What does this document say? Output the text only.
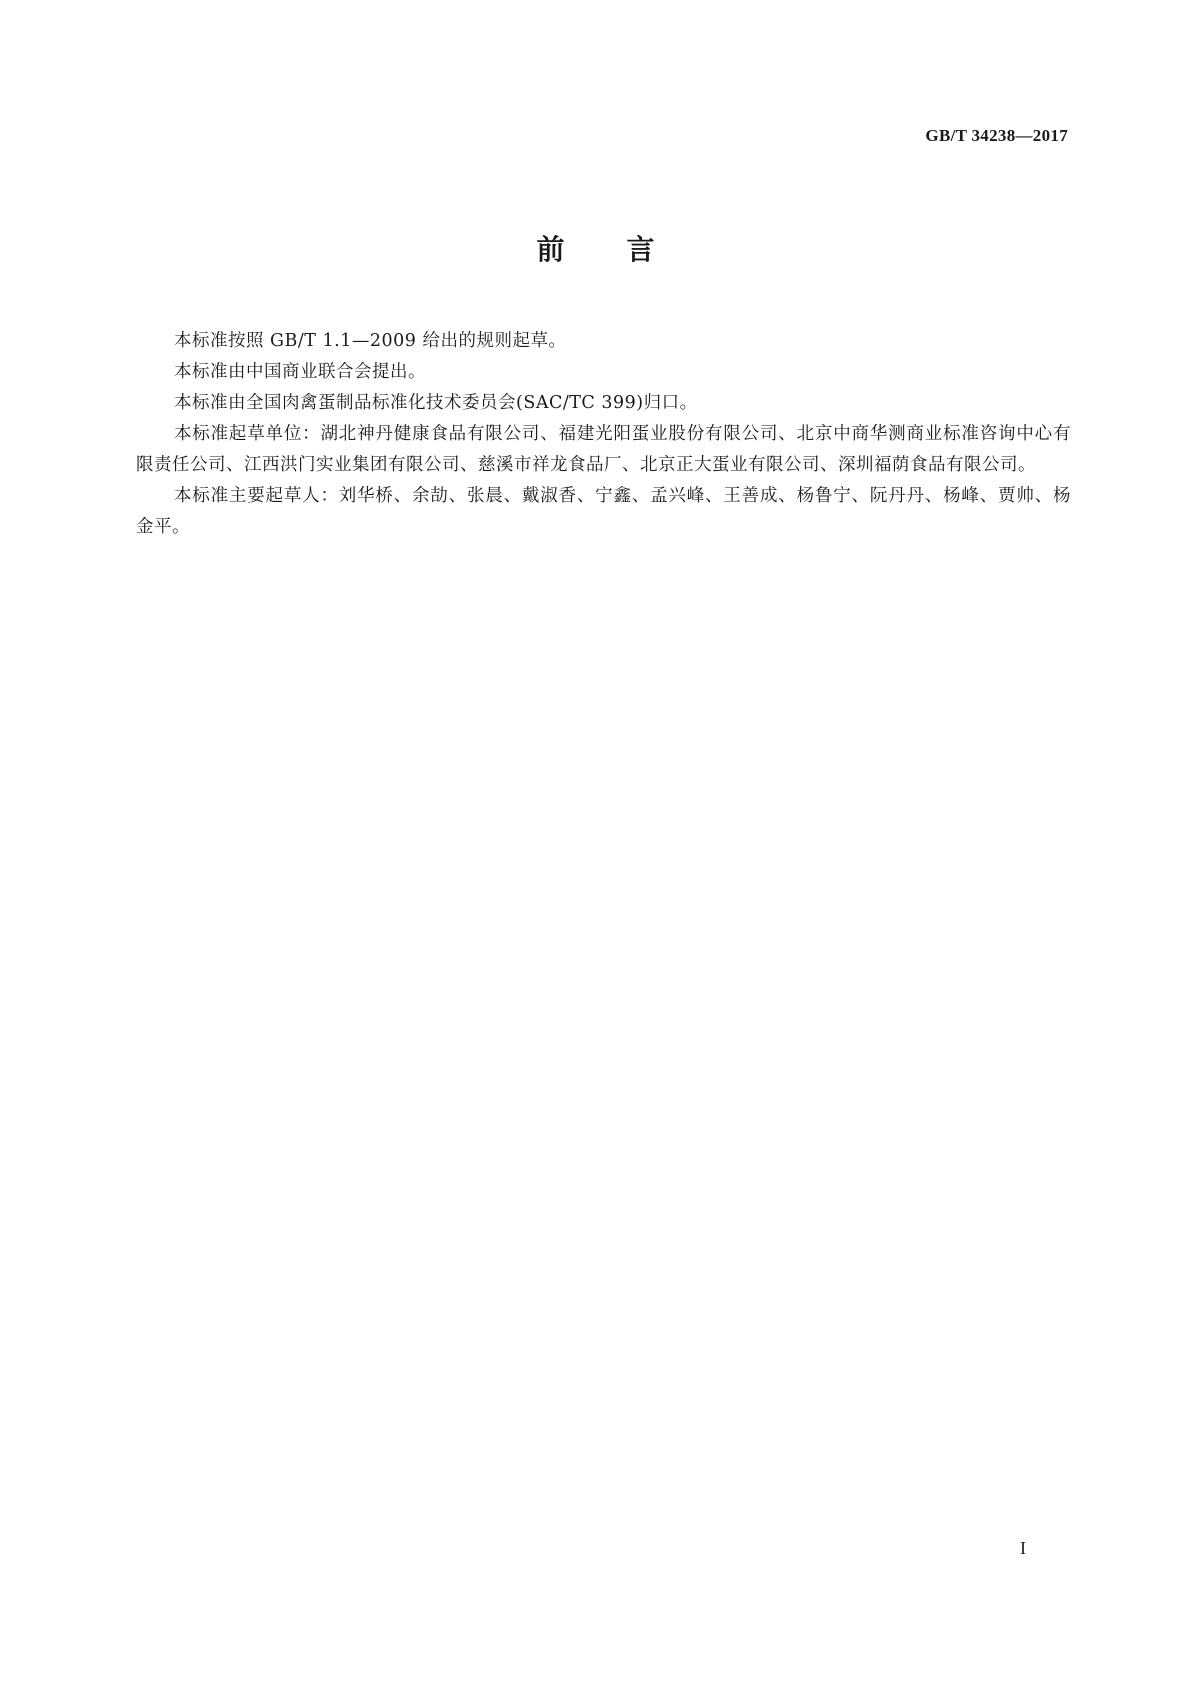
GB/T 34238—2017
前言

本标准按照 GB/T 1.1—2009 给出的规则起草。

本标准由中国商业联合会提出。

本标准由全国肉禽蛋制品标准化技术委员会(SAC/TC 399)归口。

本标准起草单位：湖北神丹健康食品有限公司、福建光阳蛋业股份有限公司、北京中商华测商业标准咨询中心有限责任公司、江西洪门实业集团有限公司、慈溪市祥龙食品厂、北京正大蛋业有限公司、深圳福荫食品有限公司。

本标准主要起草人：刘华桥、余劼、张晨、戴淑香、宁鑫、孟兴峰、王善成、杨鲁宁、阮丹丹、杨峰、贾帅、杨金平。

I
